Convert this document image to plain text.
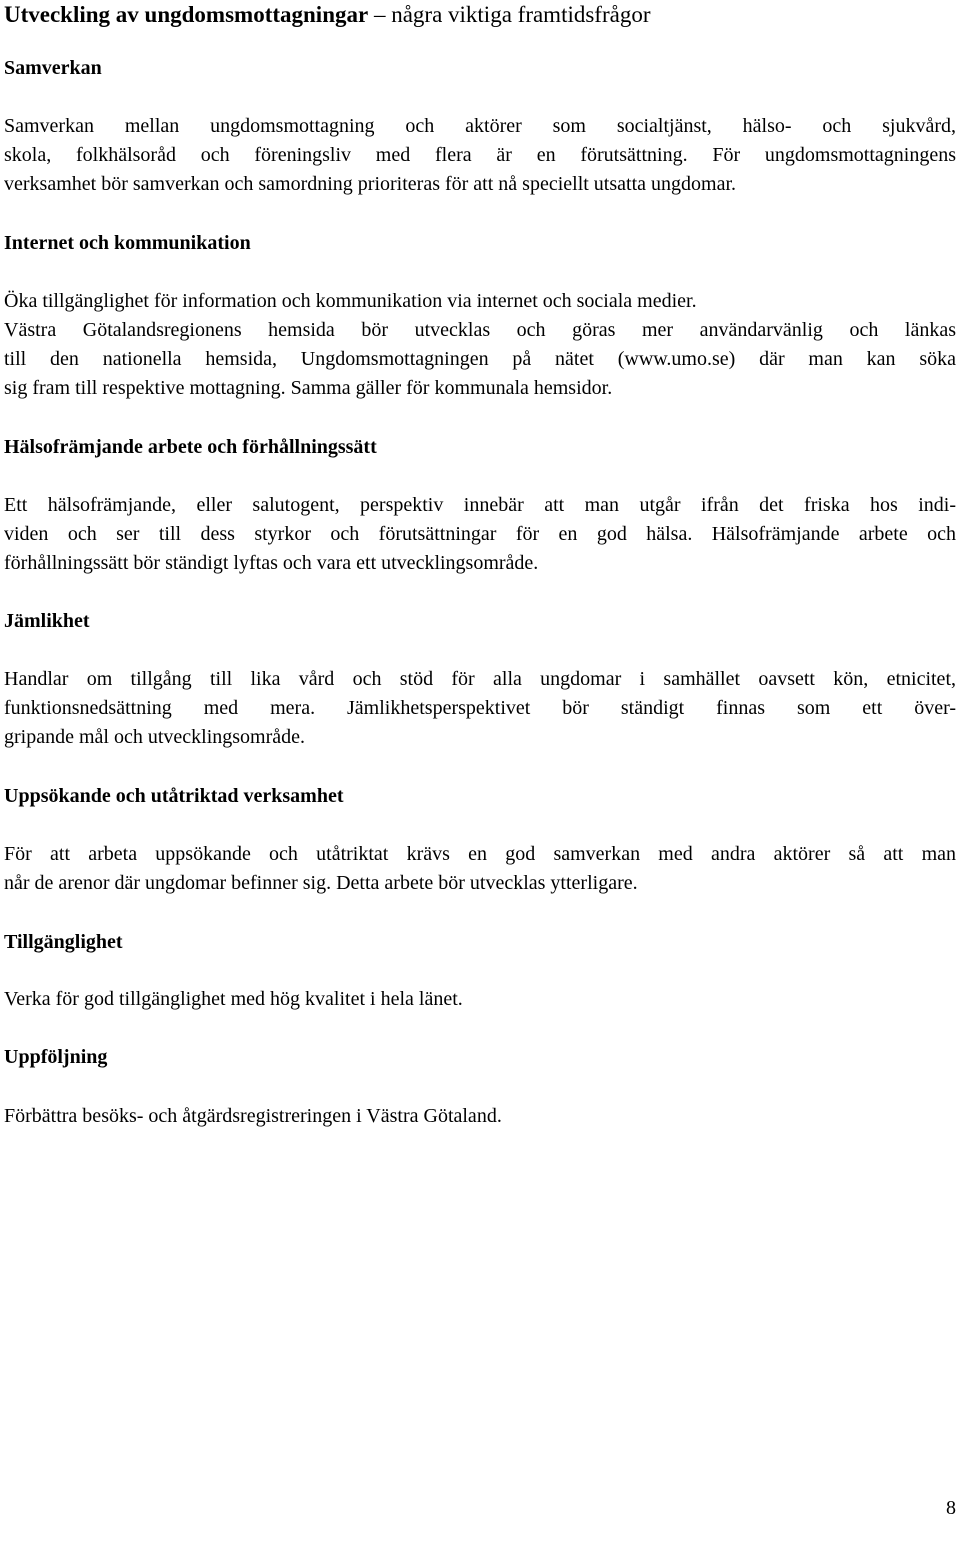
Utveckling av ungdomsmottagningar – några viktiga framtidsfrågor
Samverkan
Samverkan mellan ungdomsmottagning och aktörer som socialtjänst, hälso- och sjukvård,
skola, folkhälsoråd och föreningsliv med flera är en förutsättning. För ungdomsmottagningens
verksamhet bör samverkan och samordning prioriteras för att nå speciellt utsatta ungdomar.
Internet och kommunikation
Öka tillgänglighet för information och kommunikation via internet och sociala medier.
Västra Götalandsregionens hemsida bör utvecklas och göras mer användarvänlig och länkas
till den nationella hemsida, Ungdomsmottagningen på nätet (www.umo.se) där man kan söka
sig fram till respektive mottagning. Samma gäller för kommunala hemsidor.
Hälsofrämjande arbete och förhållningssätt
Ett hälsofrämjande, eller salutogent, perspektiv innebär att man utgår ifrån det friska hos indi-
viden och ser till dess styrkor och förutsättningar för en god hälsa. Hälsofrämjande arbete och
förhållningssätt bör ständigt lyftas och vara ett utvecklingsområde.
Jämlikhet
Handlar om tillgång till lika vård och stöd för alla ungdomar i samhället oavsett kön, etnicitet,
funktionsnedsättning med mera. Jämlikhetsperspektivet bör ständigt finnas som ett över-
gripande mål och utvecklingsområde.
Uppsökande och utåtriktad verksamhet
För att arbeta uppsökande och utåtriktat krävs en god samverkan med andra aktörer så att man
når de arenor där ungdomar befinner sig. Detta arbete bör utvecklas ytterligare.
Tillgänglighet
Verka för god tillgänglighet med hög kvalitet i hela länet.
Uppföljning
Förbättra besöks- och åtgärdsregistreringen i Västra Götaland.
8
